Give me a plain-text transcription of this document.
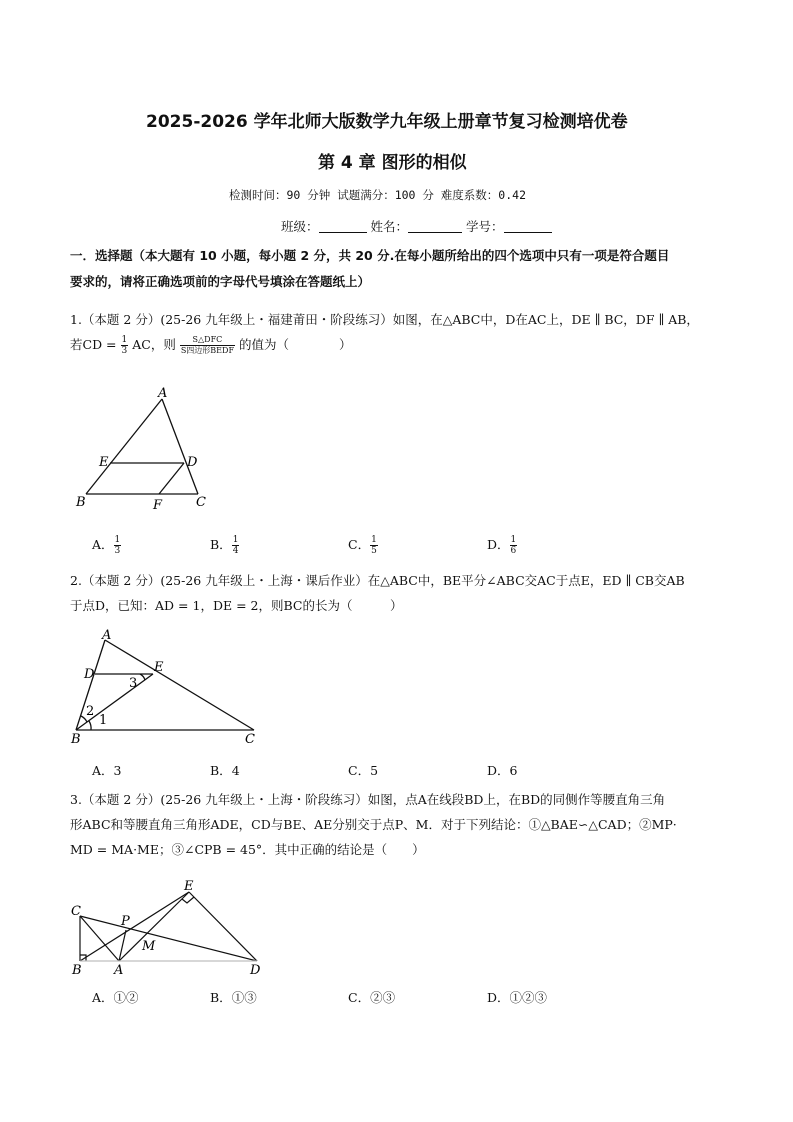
2025-2026 学年北师大版数学九年级上册章节复习检测培优卷
第 4 章 图形的相似
检测时间：90 分钟 试题满分：100 分 难度系数：0.42
班级：	姓名：	学号：
一．选择题（本大题有 10 小题，每小题 2 分，共 20 分.在每小题所给出的四个选项中只有一项是符合题目
要求的，请将正确选项前的字母代号填涂在答题纸上）
1.（本题 2 分）(25-26 九年级上・福建莆田・阶段练习）如图，在△ABC中，D在AC上，DE ∥ BC，DF ∥ AB，
若CD = $\frac{1}{3}$ AC，则 $\frac{\text{S△DFC}}{\text{S四边形BEDF}}$ 的值为（　　　　）
A
E	D
B	F	C
A． $\frac{1}{3}$	B． $\frac{1}{4}$	C． $\frac{1}{5}$	D． $\frac{1}{6}$
2.（本题 2 分）(25-26 九年级上・上海・课后作业）在△ABC中，BE平分∠ABC交AC于点E，ED ∥ CB交AB
于点D，已知：AD = 1，DE = 2，则BC的长为（　　　）
A
D	E
B	C
3
2
1
A．3	B．4	C．5	D．6
3.（本题 2 分）(25-26 九年级上・上海・阶段练习）如图，点A在线段BD上，在BD的同侧作等腰直角三角
形ABC和等腰直角三角形ADE，CD与BE、AE分别交于点P、M．对于下列结论：①△BAE∽△CAD；②MP·
MD = MA·ME；③∠CPB = 45°．其中正确的结论是（　　）
E
C
P
M
B A	D
A．①②	B．①③	C．②③	D．①②③
